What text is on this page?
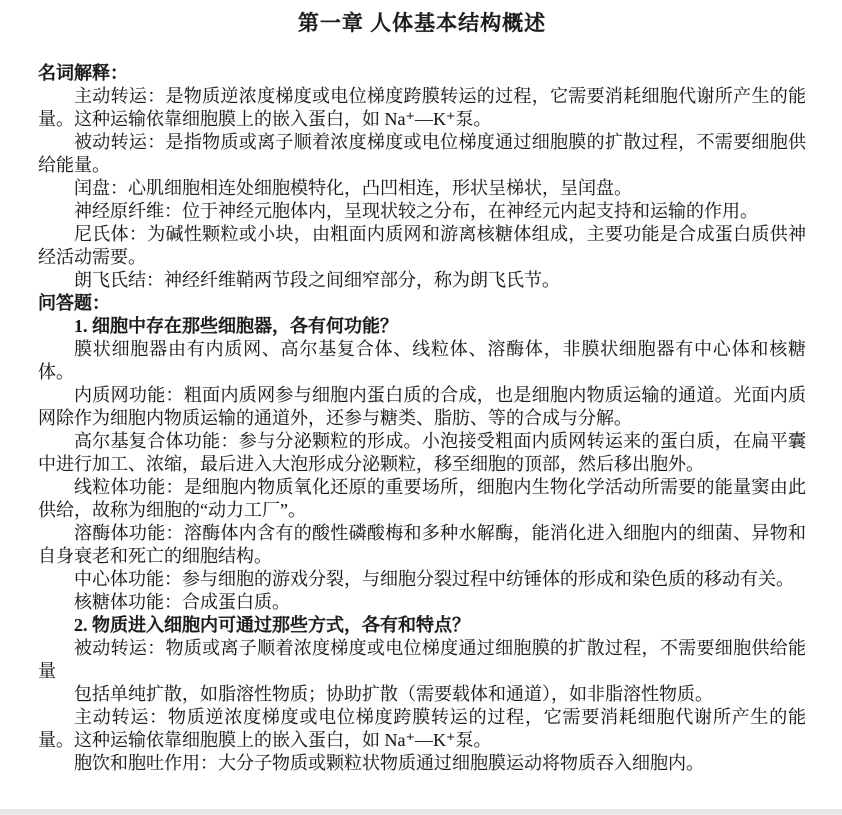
第一章 人体基本结构概述
名词解释：

主动转运：是物质逆浓度梯度或电位梯度跨膜转运的过程，它需要消耗细胞代谢所产生的能量。这种运输依靠细胞膜上的嵌入蛋白，如 Na⁺—K⁺泵。

被动转运：是指物质或离子顺着浓度梯度或电位梯度通过细胞膜的扩散过程，不需要细胞供给能量。

闰盘：心肌细胞相连处细胞模特化，凸凹相连，形状呈梯状，呈闰盘。

神经原纤维：位于神经元胞体内，呈现状较之分布，在神经元内起支持和运输的作用。

尼氏体：为碱性颗粒或小块，由粗面内质网和游离核糖体组成，主要功能是合成蛋白质供神经活动需要。

朗飞氏结：神经纤维鞘两节段之间细窄部分，称为朗飞氏节。

问答题：

1. 细胞中存在那些细胞器，各有何功能？

膜状细胞器由有内质网、高尔基复合体、线粒体、溶酶体，非膜状细胞器有中心体和核糖体。

内质网功能：粗面内质网参与细胞内蛋白质的合成，也是细胞内物质运输的通道。光面内质网除作为细胞内物质运输的通道外，还参与糖类、脂肪、等的合成与分解。

高尔基复合体功能：参与分泌颗粒的形成。小泡接受粗面内质网转运来的蛋白质，在扁平囊中进行加工、浓缩，最后进入大泡形成分泌颗粒，移至细胞的顶部，然后移出胞外。

线粒体功能：是细胞内物质氧化还原的重要场所，细胞内生物化学活动所需要的能量窦由此供给，故称为细胞的“动力工厂”。

溶酶体功能：溶酶体内含有的酸性磷酸梅和多种水解酶，能消化进入细胞内的细菌、异物和自身衰老和死亡的细胞结构。

中心体功能：参与细胞的游戏分裂，与细胞分裂过程中纺锤体的形成和染色质的移动有关。

核糖体功能：合成蛋白质。

2. 物质进入细胞内可通过那些方式，各有和特点？

被动转运：物质或离子顺着浓度梯度或电位梯度通过细胞膜的扩散过程，不需要细胞供给能量

包括单纯扩散，如脂溶性物质；协助扩散（需要载体和通道），如非脂溶性物质。

主动转运：物质逆浓度梯度或电位梯度跨膜转运的过程，它需要消耗细胞代谢所产生的能量。这种运输依靠细胞膜上的嵌入蛋白，如 Na⁺—K⁺泵。

胞饮和胞吐作用：大分子物质或颗粒状物质通过细胞膜运动将物质吞入细胞内。
